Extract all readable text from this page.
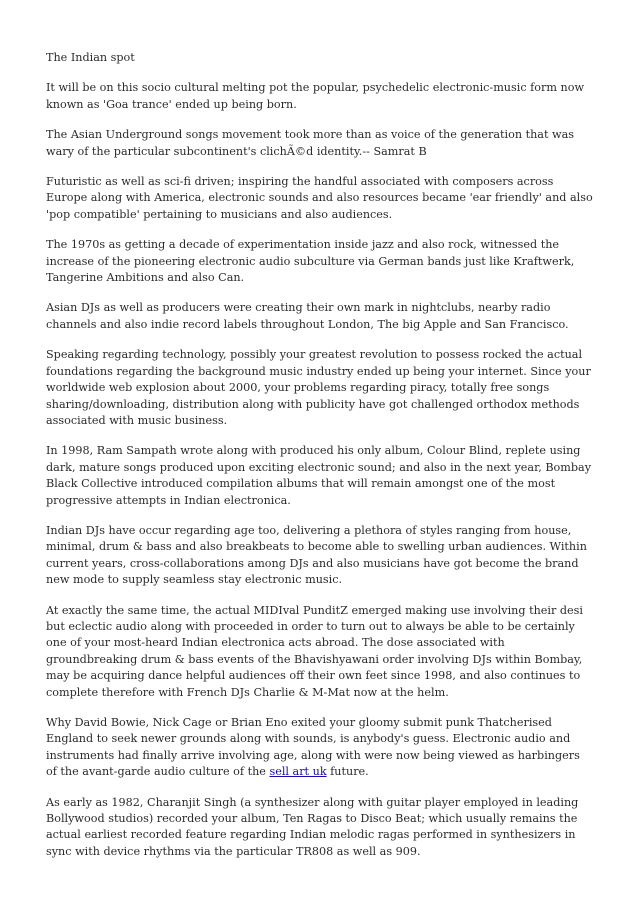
The Indian spot

It will be on this socio cultural melting pot the popular, psychedelic electronic-music form now known as 'Goa trance' ended up being born.

The Asian Underground songs movement took more than as voice of the generation that was wary of the particular subcontinent's clichÃ©d identity.-- Samrat B

Futuristic as well as sci-fi driven; inspiring the handful associated with composers across Europe along with America, electronic sounds and also resources became 'ear friendly' and also 'pop compatible' pertaining to musicians and also audiences.

The 1970s as getting a decade of experimentation inside jazz and also rock, witnessed the increase of the pioneering electronic audio subculture via German bands just like Kraftwerk, Tangerine Ambitions and also Can.

Asian DJs as well as producers were creating their own mark in nightclubs, nearby radio channels and also indie record labels throughout London, The big Apple and San Francisco.

Speaking regarding technology, possibly your greatest revolution to possess rocked the actual foundations regarding the background music industry ended up being your internet. Since your worldwide web explosion about 2000, your problems regarding piracy, totally free songs sharing/downloading, distribution along with publicity have got challenged orthodox methods associated with music business.

In 1998, Ram Sampath wrote along with produced his only album, Colour Blind, replete using dark, mature songs produced upon exciting electronic sound; and also in the next year, Bombay Black Collective introduced compilation albums that will remain amongst one of the most progressive attempts in Indian electronica.

Indian DJs have occur regarding age too, delivering a plethora of styles ranging from house, minimal, drum & bass and also breakbeats to become able to swelling urban audiences. Within current years, cross-collaborations among DJs and also musicians have got become the brand new mode to supply seamless stay electronic music.

At exactly the same time, the actual MIDIval PunditZ emerged making use involving their desi but eclectic audio along with proceeded in order to turn out to always be able to be certainly one of your most-heard Indian electronica acts abroad. The dose associated with groundbreaking drum & bass events of the Bhavishyawani order involving DJs within Bombay, may be acquiring dance helpful audiences off their own feet since 1998, and also continues to complete therefore with French DJs Charlie & M-Mat now at the helm.

Why David Bowie, Nick Cage or Brian Eno exited your gloomy submit punk Thatcherised England to seek newer grounds along with sounds, is anybody's guess. Electronic audio and instruments had finally arrive involving age, along with were now being viewed as harbingers of the avant-garde audio culture of the sell art uk future.

As early as 1982, Charanjit Singh (a synthesizer along with guitar player employed in leading Bollywood studios) recorded your album, Ten Ragas to Disco Beat; which usually remains the actual earliest recorded feature regarding Indian melodic ragas performed in synthesizers in sync with device rhythms via the particular TR808 as well as 909.
